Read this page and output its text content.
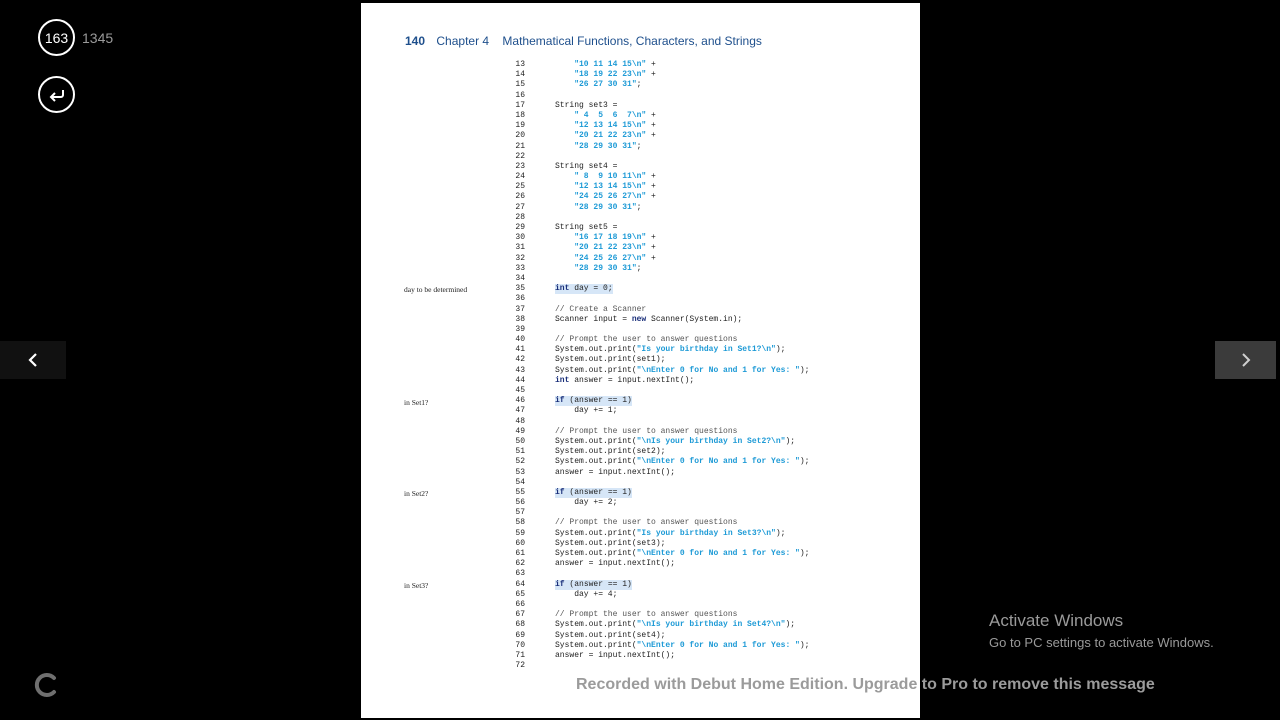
163 1345	140 Chapter 4 Mathematical Functions, Characters, and Strings
day to be determined
in Set1?
in Set2?
in Set3?
13	"10 11 14 15\n" +
14	"18 19 22 23\n" +
15	"26 27 30 31";
16
17	String set3 =
18	" 4  5  6  7\n" +
19	"12 13 14 15\n" +
20	"20 21 22 23\n" +
21	"28 29 30 31";
22
23	String set4 =
24	" 8  9 10 11\n" +
25	"12 13 14 15\n" +
26	"24 25 26 27\n" +
27	"28 29 30 31";
28
29	String set5 =
30	"16 17 18 19\n" +
31	"20 21 22 23\n" +
32	"24 25 26 27\n" +
33	"28 29 30 31";
34
35	int day = 0;
36
37	// Create a Scanner
38	Scanner input = new Scanner(System.in);
39
40	// Prompt the user to answer questions
41	System.out.print("Is your birthday in Set1?\n");
42	System.out.print(set1);
43	System.out.print("\nEnter 0 for No and 1 for Yes: ");
44	int answer = input.nextInt();
45
46	if (answer == 1)
47	day += 1;
48
49	// Prompt the user to answer questions
50	System.out.print("\nIs your birthday in Set2?\n");
51	System.out.print(set2);
52	System.out.print("\nEnter 0 for No and 1 for Yes: ");
53	answer = input.nextInt();
54
55	if (answer == 1)
56	day += 2;
57
58	// Prompt the user to answer questions
59	System.out.print("Is your birthday in Set3?\n");
60	System.out.print(set3);
61	System.out.print("\nEnter 0 for No and 1 for Yes: ");
62	answer = input.nextInt();
63
64	if (answer == 1)
65	day += 4;
66
67	// Prompt the user to answer questions
68	System.out.print("\nIs your birthday in Set4?\n");
69	System.out.print(set4);
70	System.out.print("\nEnter 0 for No and 1 for Yes: ");
71	answer = input.nextInt();
72
Recorded with Debut Home Edition. Upgrade to Pro to remove this message
Activate Windows
Go to PC settings to activate Windows.
